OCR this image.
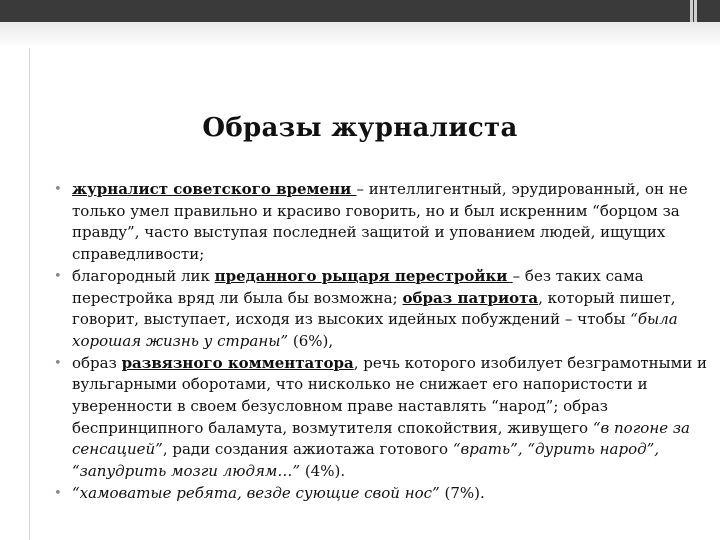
Образы журналиста
• журналист советского времени – интеллигентный, эрудированный, он не только умел правильно и красиво говорить, но и был искренним “борцом за правду”, часто выступая последней защитой и упованием людей, ищущих справедливости;
• благородный лик преданного рыцаря перестройки – без таких сама перестройка вряд ли была бы возможна; образ патриота, который пишет, говорит, выступает, исходя из высоких идейных побуждений – чтобы “была хорошая жизнь у страны” (6%),
• образ развязного комментатора, речь которого изобилует безграмотными и вульгарными оборотами, что нисколько не снижает его напористости и уверенности в своем безусловном праве наставлять “народ”; образ беспринципного баламута, возмутителя спокойствия, живущего “в погоне за сенсацией”, ради создания ажиотажа готового “врать”, “дурить народ”, “запудрить мозги людям…” (4%).
• “хамоватые ребята, везде сующие свой нос” (7%).
